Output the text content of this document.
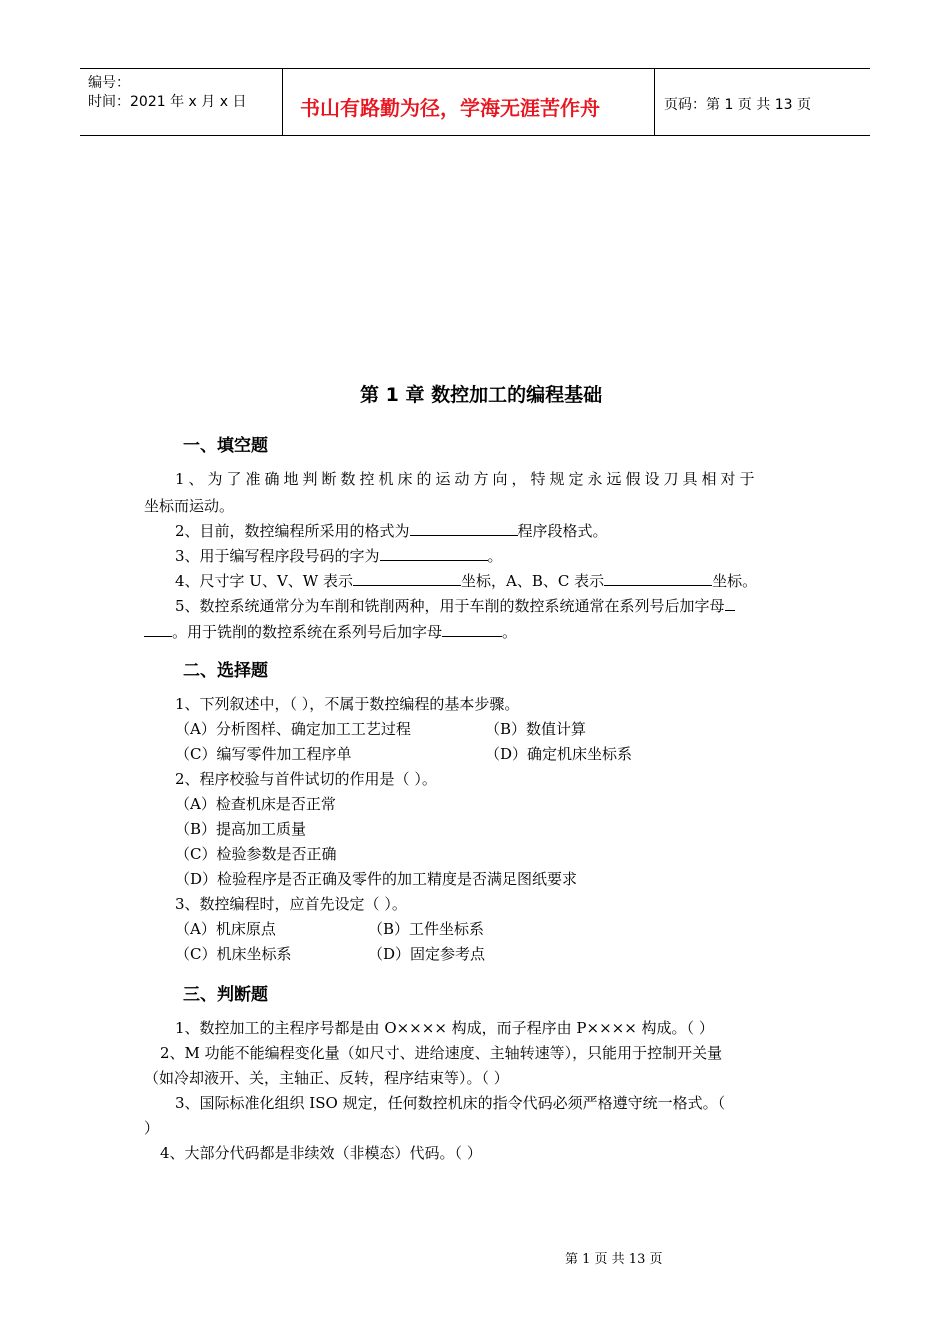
编号：
时间：2021 年 x 月 x 日	书山有路勤为径，学海无涯苦作舟	页码：第 1 页 共 13 页
第 1 章 数控加工的编程基础
一、填空题
1、为了准确地判断数控机床的运动方向，特规定永远假设刀具相对于
坐标而运动。
2、目前，数控编程所采用的格式为	程序段格式。
3、用于编写程序段号码的字为	。
4、尺寸字 U、V、W 表示	坐标，A、B、C 表示	坐标。
5、数控系统通常分为车削和铣削两种，用于车削的数控系统通常在系列号后加字母
。用于铣削的数控系统在系列号后加字母	。
二、选择题
1、下列叙述中，（ ），不属于数控编程的基本步骤。
（A）分析图样、确定加工工艺过程	（B）数值计算
（C）编写零件加工程序单	（D）确定机床坐标系
2、程序校验与首件试切的作用是（ ）。
（A）检查机床是否正常
（B）提高加工质量
（C）检验参数是否正确
（D）检验程序是否正确及零件的加工精度是否满足图纸要求
3、数控编程时，应首先设定（ ）。
（A）机床原点	（B）工件坐标系
（C）机床坐标系	（D）固定参考点
三、判断题
1、数控加工的主程序号都是由 O×××× 构成，而子程序由 P×××× 构成。（ ）
2、M 功能不能编程变化量（如尺寸、进给速度、主轴转速等），只能用于控制开关量
（如冷却液开、关，主轴正、反转，程序结束等）。（ ）
3、国际标准化组织 ISO 规定，任何数控机床的指令代码必须严格遵守统一格式。（
）
4、大部分代码都是非续效（非模态）代码。（ ）
第 1 页 共 13 页
